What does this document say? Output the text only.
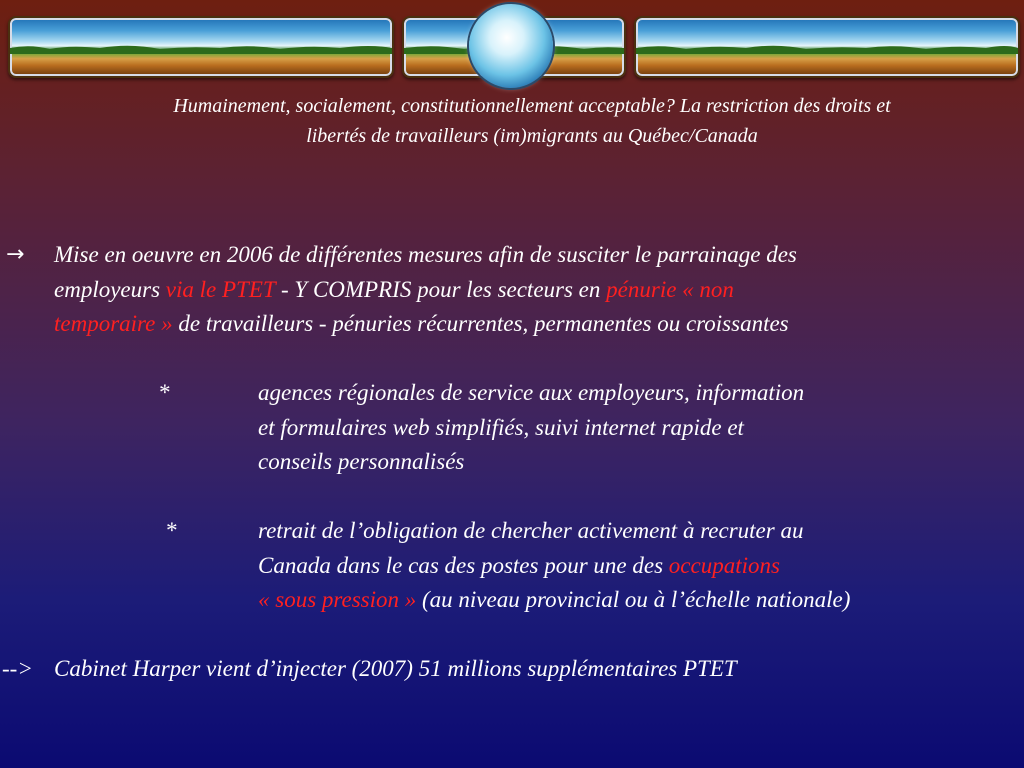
Humainement, socialement, constitutionnellement acceptable? La restriction des droits et
libertés de travailleurs (im)migrants au Québec/Canada
→ Mise en oeuvre en 2006 de différentes mesures afin de susciter le parrainage des
employeurs via le PTET - Y COMPRIS pour les secteurs en pénurie « non
temporaire » de travailleurs - pénuries récurrentes, permanentes ou croissantes
*	agences régionales de service aux employeurs, information
et formulaires web simplifiés, suivi internet rapide et
conseils personnalisés
*	retrait de l’obligation de chercher activement à recruter au
Canada dans le cas des postes pour une des occupations
« sous pression » (au niveau provincial ou à l’échelle nationale)
--> Cabinet Harper vient d’injecter (2007) 51 millions supplémentaires PTET
